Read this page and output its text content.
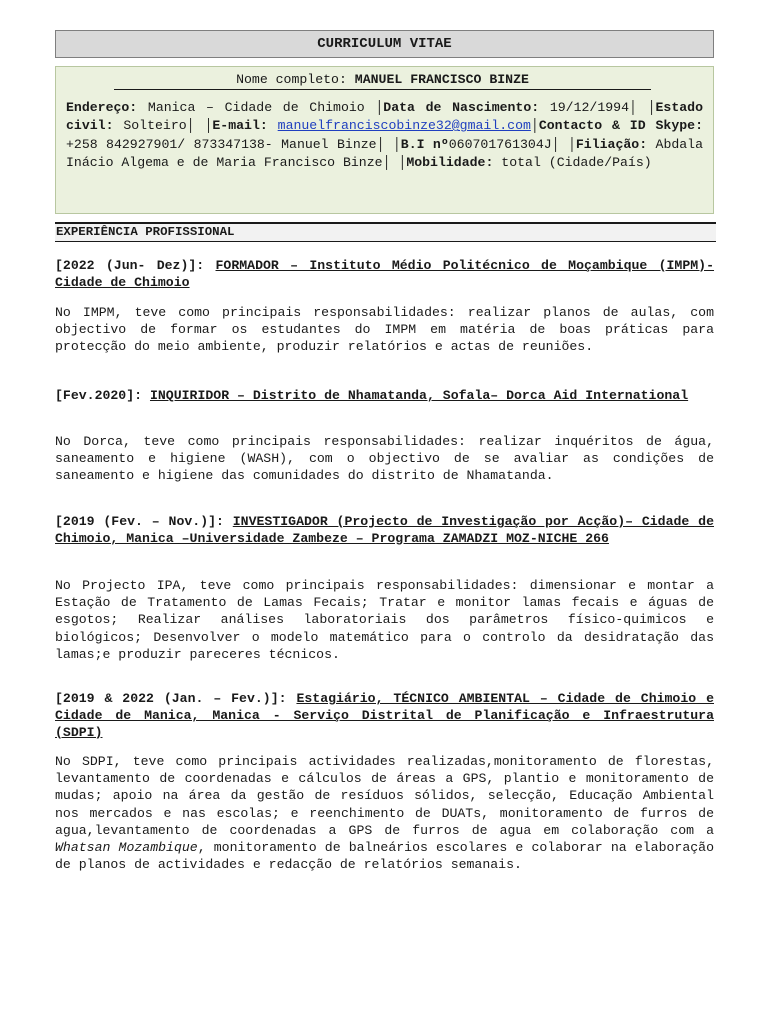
CURRICULUM VITAE
Nome completo: MANUEL FRANCISCO BINZE
Endereço: Manica – Cidade de Chimoio │Data de Nascimento: 19/12/1994│ │Estado civil: Solteiro│ │E-mail: manuelfranciscobinze32@gmail.com│Contacto & ID Skype: +258 842927901/ 873347138- Manuel Binze│ │B.I nº060701761304J│ │Filiação: Abdala Inácio Algema e de Maria Francisco Binze│ │Mobilidade: total (Cidade/País)
EXPERIÊNCIA PROFISSIONAL
[2022 (Jun- Dez)]: FORMADOR – Instituto Médio Politécnico de Moçambique (IMPM)- Cidade de Chimoio
No IMPM, teve como principais responsabilidades: realizar planos de aulas, com objectivo de formar os estudantes do IMPM em matéria de boas práticas para protecção do meio ambiente, produzir relatórios e actas de reuniões.
[Fev.2020]: INQUIRIDOR – Distrito de Nhamatanda, Sofala– Dorca Aid International
No Dorca, teve como principais responsabilidades: realizar inquéritos de água, saneamento e higiene (WASH), com o objectivo de se avaliar as condições de saneamento e higiene das comunidades do distrito de Nhamatanda.
[2019 (Fev. – Nov.)]: INVESTIGADOR (Projecto de Investigação por Acção)– Cidade de Chimoio, Manica –Universidade Zambeze – Programa ZAMADZI MOZ-NICHE 266
No Projecto IPA, teve como principais responsabilidades: dimensionar e montar a Estação de Tratamento de Lamas Fecais; Tratar e monitor lamas fecais e águas de esgotos; Realizar análises laboratoriais dos parâmetros físico-quimicos e biológicos; Desenvolver o modelo matemático para o controlo da desidratação das lamas;e produzir pareceres técnicos.
[2019 & 2022 (Jan. – Fev.)]: Estagiário, TÉCNICO AMBIENTAL – Cidade de Chimoio e Cidade de Manica, Manica - Serviço Distrital de Planificação e Infraestrutura (SDPI)
No SDPI, teve como principais actividades realizadas,monitoramento de florestas, levantamento de coordenadas e cálculos de áreas a GPS, plantio e monitoramento de mudas; apoio na área da gestão de resíduos sólidos, selecção, Educação Ambiental nos mercados e nas escolas; e reenchimento de DUATs, monitoramento de furros de agua,levantamento de coordenadas a GPS de furros de agua em colaboração com a Whatsan Mozambique, monitoramento de balneários escolares e colaborar na elaboração de planos de actividades e redacção de relatórios semanais.
